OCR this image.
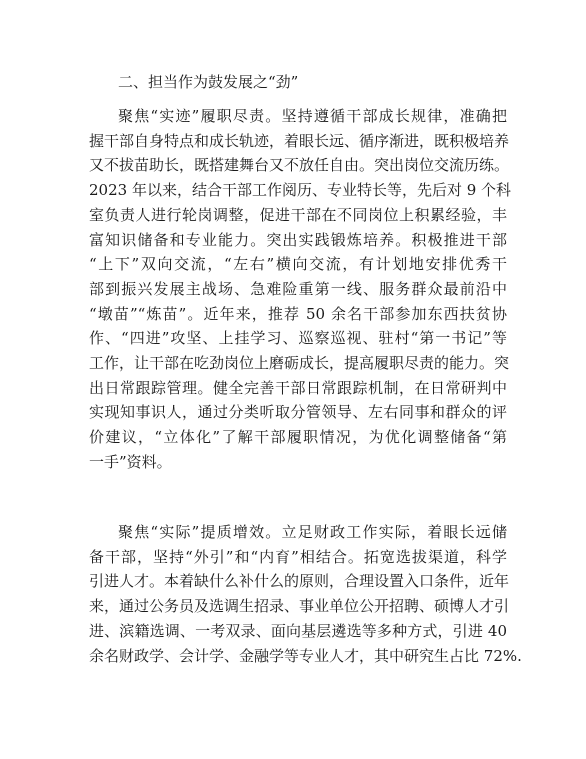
二、担当作为鼓发展之“劲”
聚焦“实迹”履职尽责。坚持遵循干部成长规律，准确把
握干部自身特点和成长轨迹，着眼长远、循序渐进，既积极培养
又不拔苗助长，既搭建舞台又不放任自由。突出岗位交流历练。
2023 年以来，结合干部工作阅历、专业特长等，先后对 9 个科
室负责人进行轮岗调整，促进干部在不同岗位上积累经验，丰
富知识储备和专业能力。突出实践锻炼培养。积极推进干部
“上下”双向交流，“左右”横向交流，有计划地安排优秀干
部到振兴发展主战场、急难险重第一线、服务群众最前沿中
“墩苗”“炼苗”。近年来，推荐 50 余名干部参加东西扶贫协
作、“四进”攻坚、上挂学习、巡察巡视、驻村“第一书记”等
工作，让干部在吃劲岗位上磨砺成长，提高履职尽责的能力。突
出日常跟踪管理。健全完善干部日常跟踪机制，在日常研判中
实现知事识人，通过分类听取分管领导、左右同事和群众的评
价建议，“立体化”了解干部履职情况，为优化调整储备“第
一手”资料。
聚焦“实际”提质增效。立足财政工作实际，着眼长远储
备干部，坚持“外引”和“内育”相结合。拓宽选拔渠道，科学
引进人才。本着缺什么补什么的原则，合理设置入口条件，近年
来，通过公务员及选调生招录、事业单位公开招聘、硕博人才引
进、滨籍选调、一考双录、面向基层遴选等多种方式，引进 40
余名财政学、会计学、金融学等专业人才，其中研究生占比 72%.
